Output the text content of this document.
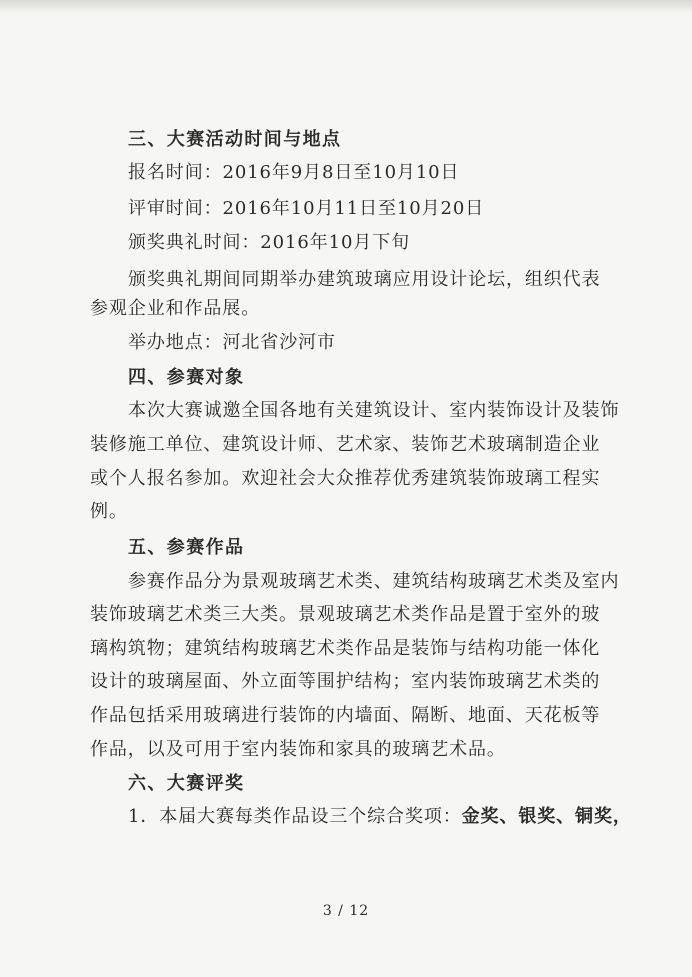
三、大赛活动时间与地点
报名时间：2016年9月8日至10月10日
评审时间：2016年10月11日至10月20日
颁奖典礼时间：2016年10月下旬
颁奖典礼期间同期举办建筑玻璃应用设计论坛，组织代表
参观企业和作品展。
举办地点：河北省沙河市
四、参赛对象
本次大赛诚邀全国各地有关建筑设计、室内装饰设计及装饰
装修施工单位、建筑设计师、艺术家、装饰艺术玻璃制造企业
或个人报名参加。欢迎社会大众推荐优秀建筑装饰玻璃工程实
例。
五、参赛作品
参赛作品分为景观玻璃艺术类、建筑结构玻璃艺术类及室内
装饰玻璃艺术类三大类。景观玻璃艺术类作品是置于室外的玻
璃构筑物；建筑结构玻璃艺术类作品是装饰与结构功能一体化
设计的玻璃屋面、外立面等围护结构；室内装饰玻璃艺术类的
作品包括采用玻璃进行装饰的内墙面、隔断、地面、天花板等
作品，以及可用于室内装饰和家具的玻璃艺术品。
六、大赛评奖
1．本届大赛每类作品设三个综合奖项：金奖、银奖、铜奖，
3 / 12
